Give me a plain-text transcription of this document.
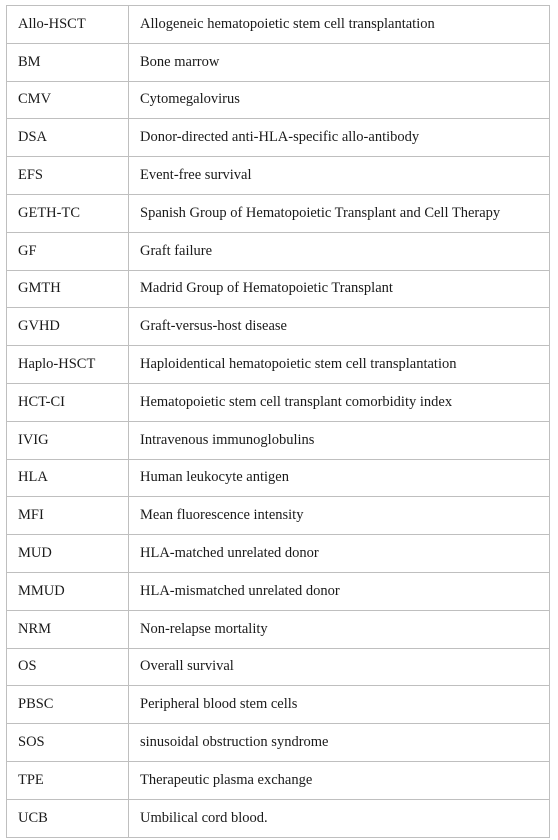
Allo-HSCT	Allogeneic hematopoietic stem cell transplantation
BM	Bone marrow
CMV	Cytomegalovirus
DSA	Donor-directed anti-HLA-specific allo-antibody
EFS	Event-free survival
GETH-TC	Spanish Group of Hematopoietic Transplant and Cell Therapy
GF	Graft failure
GMTH	Madrid Group of Hematopoietic Transplant
GVHD	Graft-versus-host disease
Haplo-HSCT	Haploidentical hematopoietic stem cell transplantation
HCT-CI	Hematopoietic stem cell transplant comorbidity index
IVIG	Intravenous immunoglobulins
HLA	Human leukocyte antigen
MFI	Mean fluorescence intensity
MUD	HLA-matched unrelated donor
MMUD	HLA-mismatched unrelated donor
NRM	Non-relapse mortality
OS	Overall survival
PBSC	Peripheral blood stem cells
SOS	sinusoidal obstruction syndrome
TPE	Therapeutic plasma exchange
UCB	Umbilical cord blood.
